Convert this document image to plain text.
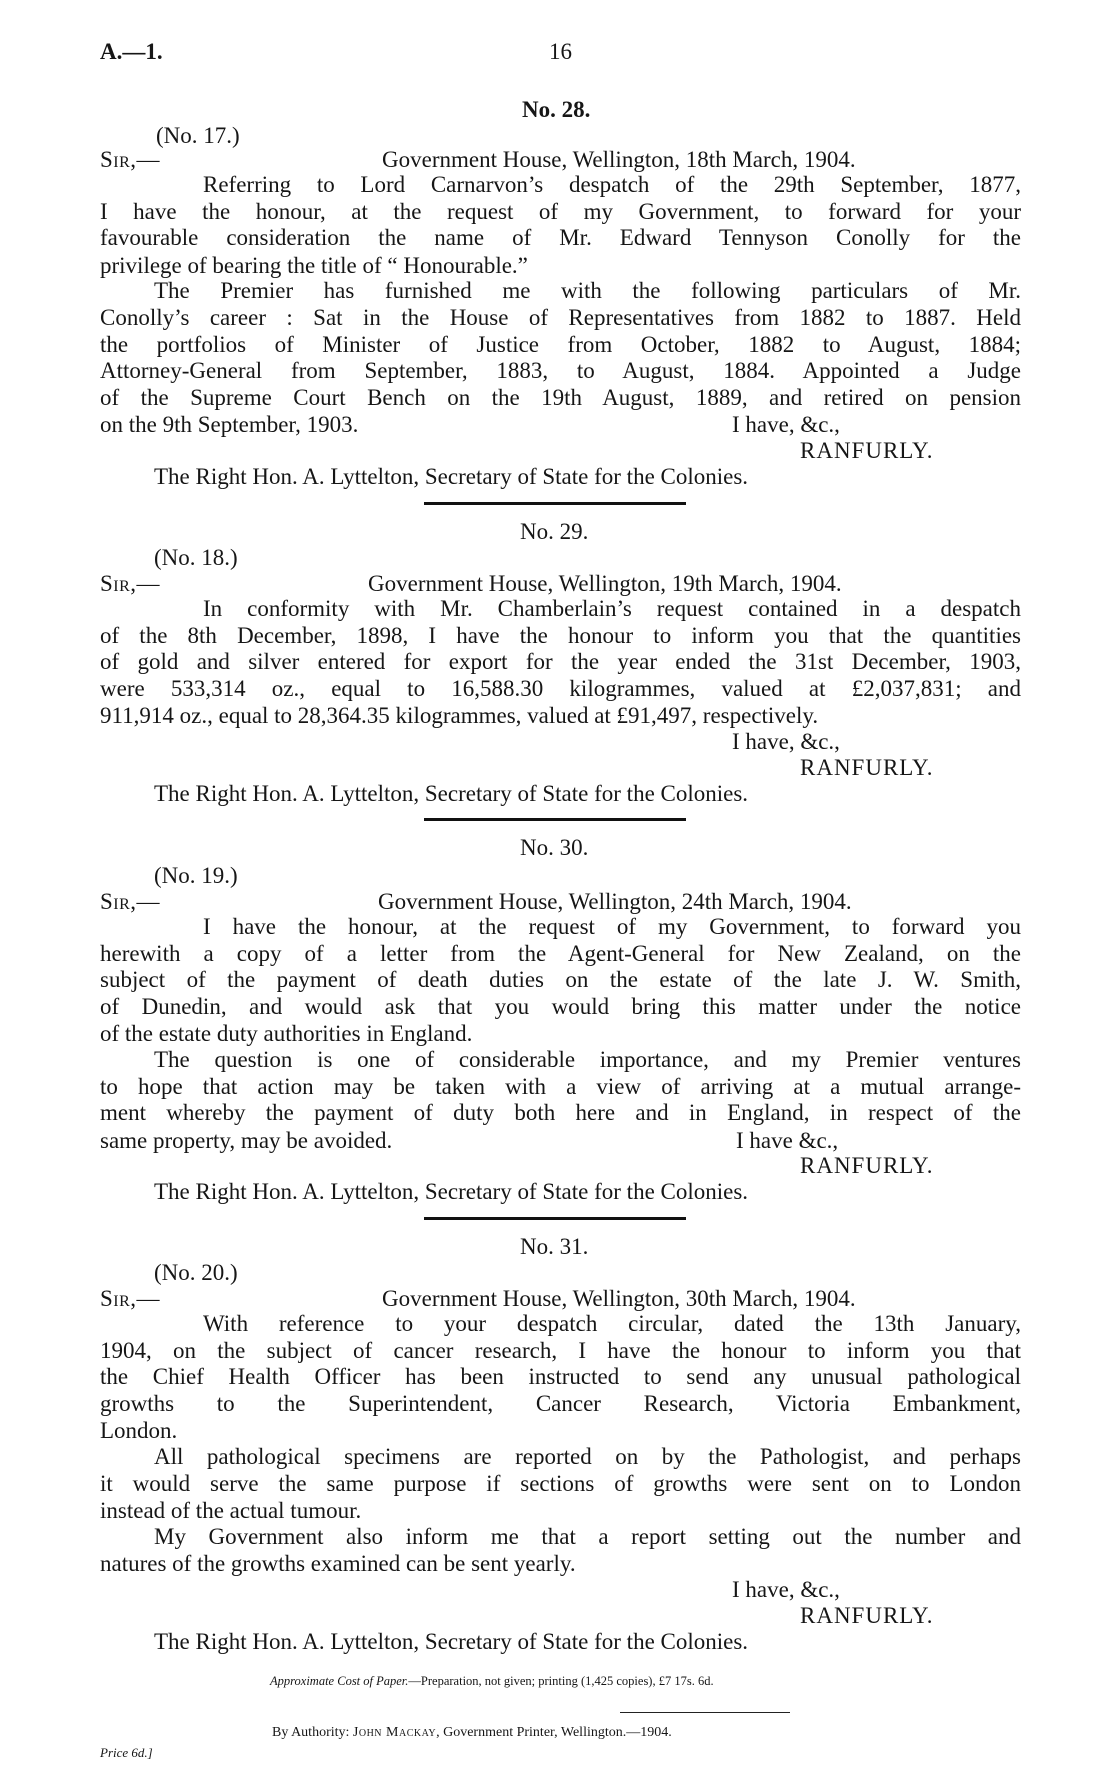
A.—1.	16
No. 28.
(No. 17.)
Sir,—	Government House, Wellington, 18th March, 1904.
Referring to Lord Carnarvon’s despatch of the 29th September, 1877,
I have the honour, at the request of my Government, to forward for your
favourable consideration the name of Mr. Edward Tennyson Conolly for the
privilege of bearing the title of “ Honourable.”
The Premier has furnished me with the following particulars of Mr.
Conolly’s career : Sat in the House of Representatives from 1882 to 1887. Held
the portfolios of Minister of Justice from October, 1882 to August, 1884;
Attorney-General from September, 1883, to August, 1884. Appointed a Judge
of the Supreme Court Bench on the 19th August, 1889, and retired on pension
on the 9th September, 1903.	I have, &c.,
RANFURLY.
The Right Hon. A. Lyttelton, Secretary of State for the Colonies.
No. 29.
(No. 18.)
Sir,—	Government House, Wellington, 19th March, 1904.
In conformity with Mr. Chamberlain’s request contained in a despatch
of the 8th December, 1898, I have the honour to inform you that the quantities
of gold and silver entered for export for the year ended the 31st December, 1903,
were 533,314 oz., equal to 16,588.30 kilogrammes, valued at £2,037,831; and
911,914 oz., equal to 28,364.35 kilogrammes, valued at £91,497, respectively.
I have, &c.,
RANFURLY.
The Right Hon. A. Lyttelton, Secretary of State for the Colonies.
No. 30.
(No. 19.)
Sir,—	Government House, Wellington, 24th March, 1904.
I have the honour, at the request of my Government, to forward you
herewith a copy of a letter from the Agent-General for New Zealand, on the
subject of the payment of death duties on the estate of the late J. W. Smith,
of Dunedin, and would ask that you would bring this matter under the notice
of the estate duty authorities in England.
The question is one of considerable importance, and my Premier ventures
to hope that action may be taken with a view of arriving at a mutual arrange-
ment whereby the payment of duty both here and in England, in respect of the
same property, may be avoided.	I have &c.,
RANFURLY.
The Right Hon. A. Lyttelton, Secretary of State for the Colonies.
No. 31.
(No. 20.)
Sir,—	Government House, Wellington, 30th March, 1904.
With reference to your despatch circular, dated the 13th January,
1904, on the subject of cancer research, I have the honour to inform you that
the Chief Health Officer has been instructed to send any unusual pathological
growths to the Superintendent, Cancer Research, Victoria Embankment,
London.
All pathological specimens are reported on by the Pathologist, and perhaps
it would serve the same purpose if sections of growths were sent on to London
instead of the actual tumour.
My Government also inform me that a report setting out the number and
natures of the growths examined can be sent yearly.
I have, &c.,
RANFURLY.
The Right Hon. A. Lyttelton, Secretary of State for the Colonies.
Approximate Cost of Paper.—Preparation, not given; printing (1,425 copies), £7 17s. 6d.
By Authority: John Mackay, Government Printer, Wellington.—1904.
Price 6d.]
